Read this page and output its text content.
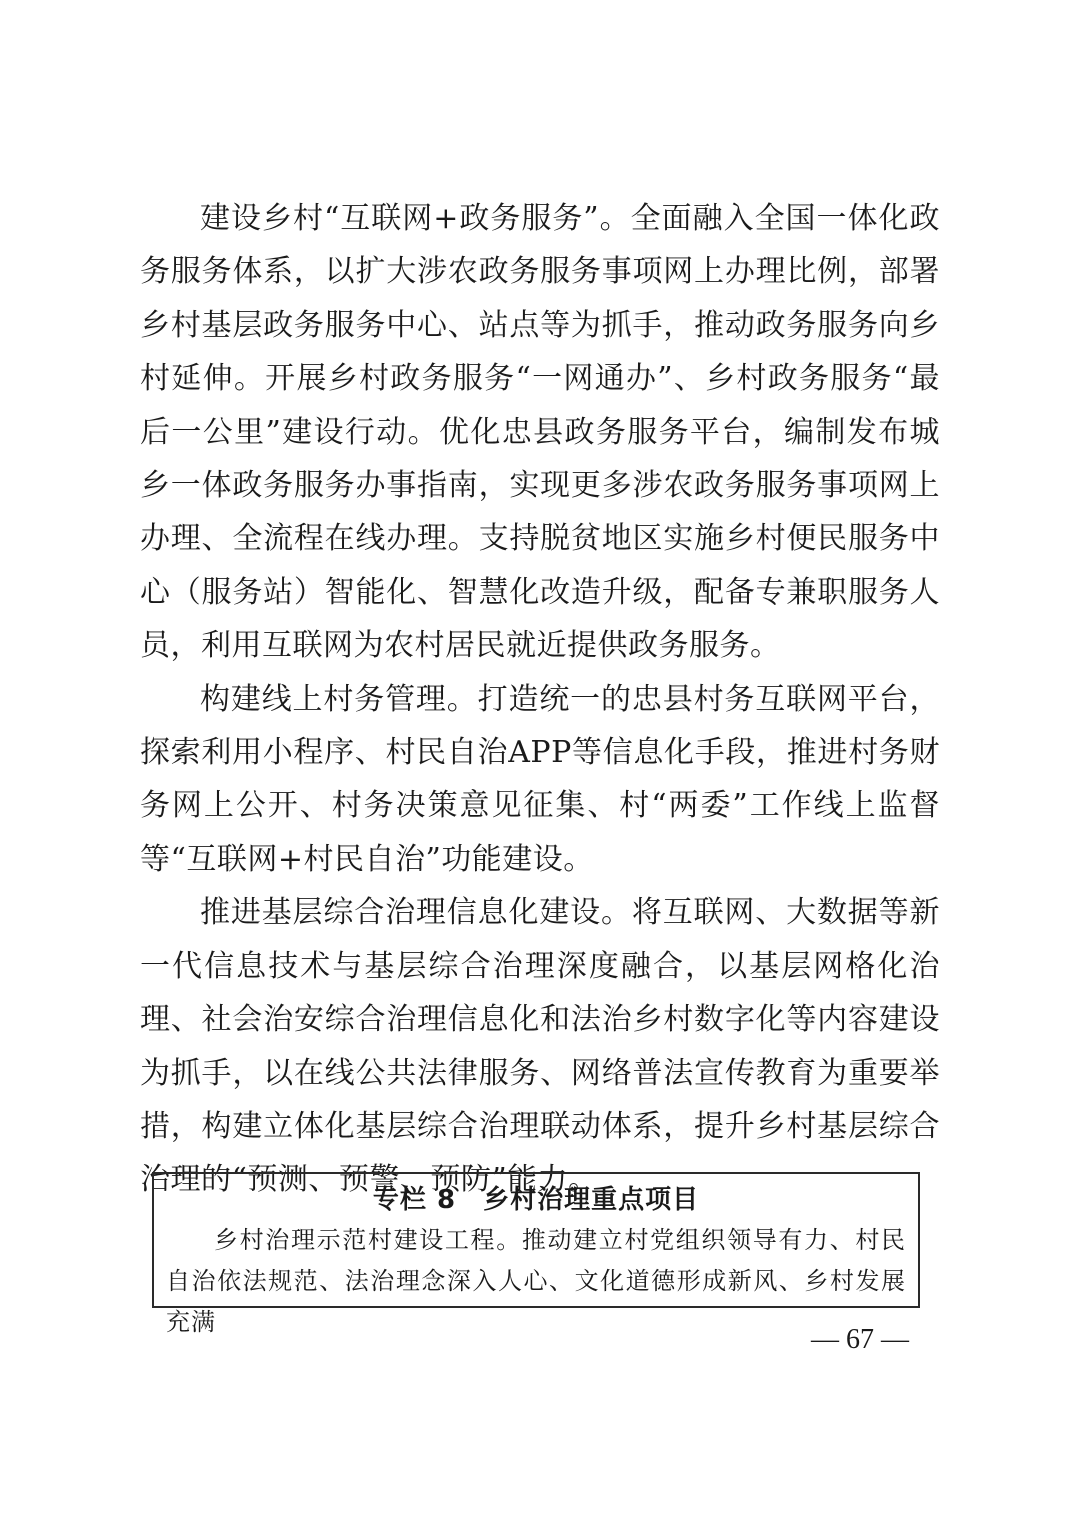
建设乡村“互联网+政务服务”。全面融入全国一体化政务服务体系，以扩大涉农政务服务事项网上办理比例，部署乡村基层政务服务中心、站点等为抓手，推动政务服务向乡村延伸。开展乡村政务服务“一网通办”、乡村政务服务“最后一公里”建设行动。优化忠县政务服务平台，编制发布城乡一体政务服务办事指南，实现更多涉农政务服务事项网上办理、全流程在线办理。支持脱贫地区实施乡村便民服务中心（服务站）智能化、智慧化改造升级，配备专兼职服务人员，利用互联网为农村居民就近提供政务服务。

构建线上村务管理。打造统一的忠县村务互联网平台，探索利用小程序、村民自治APP等信息化手段，推进村务财务网上公开、村务决策意见征集、村“两委”工作线上监督等“互联网+村民自治”功能建设。

推进基层综合治理信息化建设。将互联网、大数据等新一代信息技术与基层综合治理深度融合，以基层网格化治理、社会治安综合治理信息化和法治乡村数字化等内容建设为抓手，以在线公共法律服务、网络普法宣传教育为重要举措，构建立体化基层综合治理联动体系，提升乡村基层综合治理的“预测、预警、预防”能力。

专栏 8　乡村治理重点项目

乡村治理示范村建设工程。推动建立村党组织领导有力、村民自治依法规范、法治理念深入人心、文化道德形成新风、乡村发展充满

— 67 —
